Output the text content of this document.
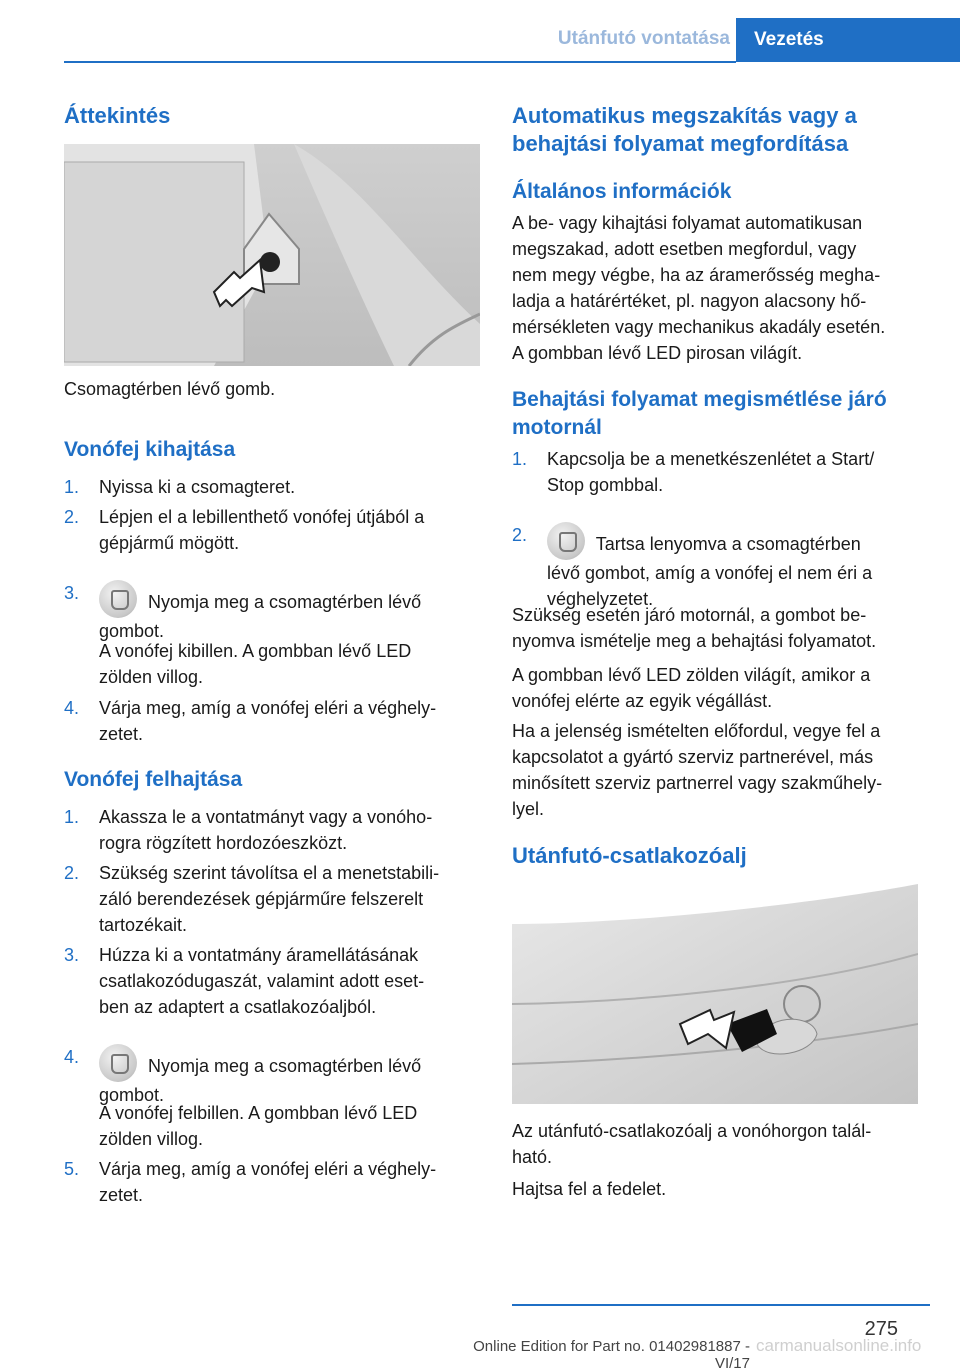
Utánfutó vontatása	Vezetés
Áttekintés

Csomagtérben lévő gomb.

Vonófej kihajtása
1. Nyissa ki a csomagteret.
2. Lépjen el a lebillenthető vonófej útjából a
gépjármű mögött.
3.	Nyomja meg a csomagtérben lévő
gombot.
A vonófej kibillen. A gombban lévő LED
zölden villog.
4. Várja meg, amíg a vonófej eléri a véghely‐
zetet.
Vonófej felhajtása
1. Akassza le a vontatmányt vagy a vonóho‐
rogra rögzített hordozóeszközt.
2. Szükség szerint távolítsa el a menetstabili‐
záló berendezések gépjárműre felszerelt
tartozékait.
3. Húzza ki a vontatmány áramellátásának
csatlakozódugaszát, valamint adott eset‐
ben az adaptert a csatlakozóaljból.
4.	Nyomja meg a csomagtérben lévő
gombot.
A vonófej felbillen. A gombban lévő LED
zölden villog.
5. Várja meg, amíg a vonófej eléri a véghely‐
zetet.
Automatikus megszakítás vagy a
behajtási folyamat megfordítása
Általános információk

A be- vagy kihajtási folyamat automatikusan
megszakad, adott esetben megfordul, vagy
nem megy végbe, ha az áramerősség megha‐
ladja a határértéket, pl. nagyon alacsony hő‐
mérsékleten vagy mechanikus akadály esetén.
A gombban lévő LED pirosan világít.

Behajtási folyamat megismétlése járó
motornál
1. Kapcsolja be a menetkészenlétet a Start/
Stop gombbal.
2.	Tartsa lenyomva a csomagtérben
lévő gombot, amíg a vonófej el nem éri a
véghelyzetet.

Szükség esetén járó motornál, a gombot be‐
nyomva ismételje meg a behajtási folyamatot.

A gombban lévő LED zölden világít, amikor a
vonófej elérte az egyik végállást.

Ha a jelenség ismételten előfordul, vegye fel a
kapcsolatot a gyártó szerviz partnerével, más
minősített szerviz partnerrel vagy szakműhely‐
lyel.

Utánfutó-csatlakozóalj

Az utánfutó-csatlakozóalj a vonóhorgon talál‐
ható.

Hajtsa fel a fedelet.

275
Online Edition for Part no. 01402981887 - VI/17
carmanualsonline.info
